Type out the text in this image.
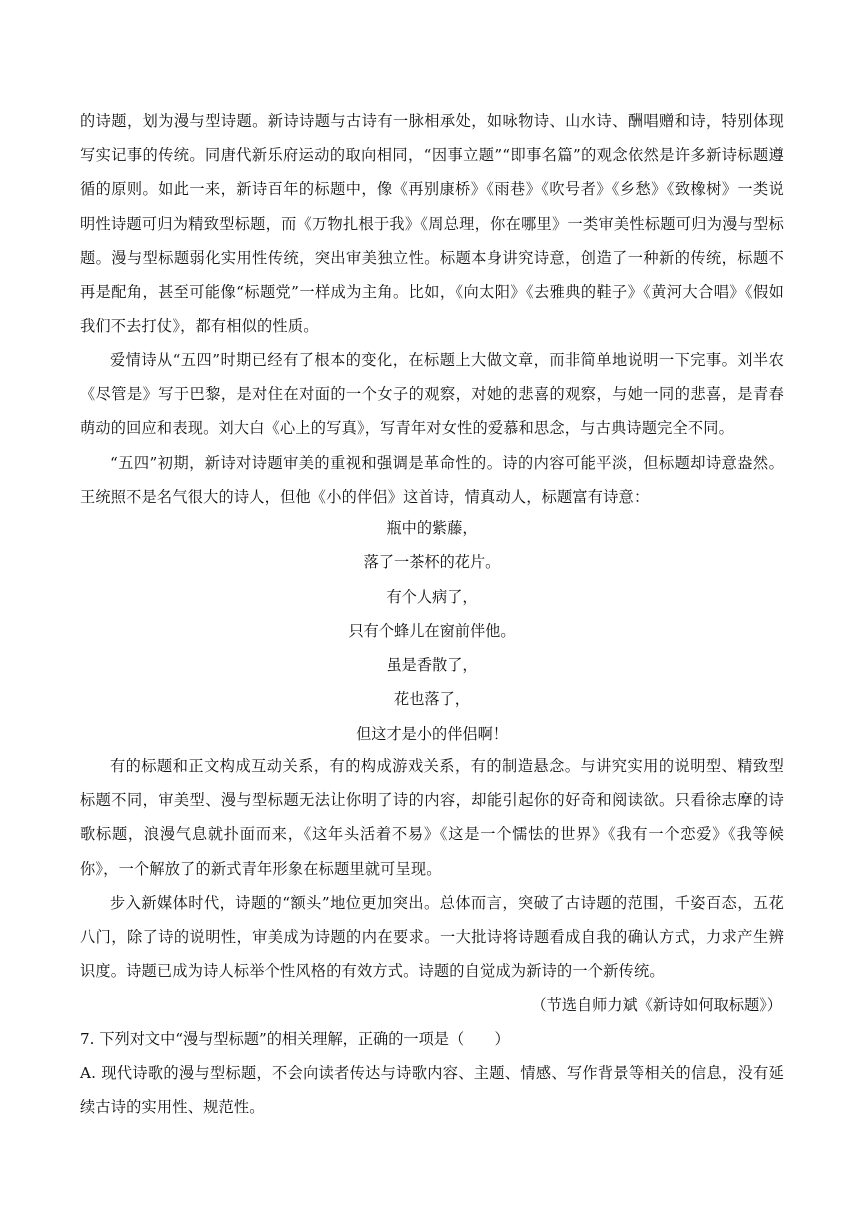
的诗题，划为漫与型诗题。新诗诗题与古诗有一脉相承处，如咏物诗、山水诗、酬唱赠和诗，特别体现写实记事的传统。同唐代新乐府运动的取向相同，“因事立题”“即事名篇”的观念依然是许多新诗标题遵循的原则。如此一来，新诗百年的标题中，像《再别康桥》《雨巷》《吹号者》《乡愁》《致橡树》一类说明性诗题可归为精致型标题，而《万物扎根于我》《周总理，你在哪里》一类审美性标题可归为漫与型标题。漫与型标题弱化实用性传统，突出审美独立性。标题本身讲究诗意，创造了一种新的传统，标题不再是配角，甚至可能像“标题党”一样成为主角。比如，《向太阳》《去雅典的鞋子》《黄河大合唱》《假如我们不去打仗》，都有相似的性质。

爱情诗从“五四”时期已经有了根本的变化，在标题上大做文章，而非简单地说明一下完事。刘半农《尽管是》写于巴黎，是对住在对面的一个女子的观察，对她的悲喜的观察，与她一同的悲喜，是青春萌动的回应和表现。刘大白《心上的写真》，写青年对女性的爱慕和思念，与古典诗题完全不同。

“五四”初期，新诗对诗题审美的重视和强调是革命性的。诗的内容可能平淡，但标题却诗意盎然。王统照不是名气很大的诗人，但他《小的伴侣》这首诗，情真动人，标题富有诗意：

瓶中的紫藤，
落了一茶杯的花片。
有个人病了，
只有个蜂儿在窗前伴他。
虽是香散了，
花也落了，
但这才是小的伴侣啊！

有的标题和正文构成互动关系，有的构成游戏关系，有的制造悬念。与讲究实用的说明型、精致型标题不同，审美型、漫与型标题无法让你明了诗的内容，却能引起你的好奇和阅读欲。只看徐志摩的诗歌标题，浪漫气息就扑面而来，《这年头活着不易》《这是一个懦怯的世界》《我有一个恋爱》《我等候你》，一个解放了的新式青年形象在标题里就可呈现。

步入新媒体时代，诗题的“额头”地位更加突出。总体而言，突破了古诗题的范围，千姿百态，五花八门，除了诗的说明性，审美成为诗题的内在要求。一大批诗将诗题看成自我的确认方式，力求产生辨识度。诗题已成为诗人标举个性风格的有效方式。诗题的自觉成为新诗的一个新传统。

（节选自师力斌《新诗如何取标题》）
7. 下列对文中“漫与型标题”的相关理解，正确的一项是（　　）

A. 现代诗歌的漫与型标题，不会向读者传达与诗歌内容、主题、情感、写作背景等相关的信息，没有延续古诗的实用性、规范性。
